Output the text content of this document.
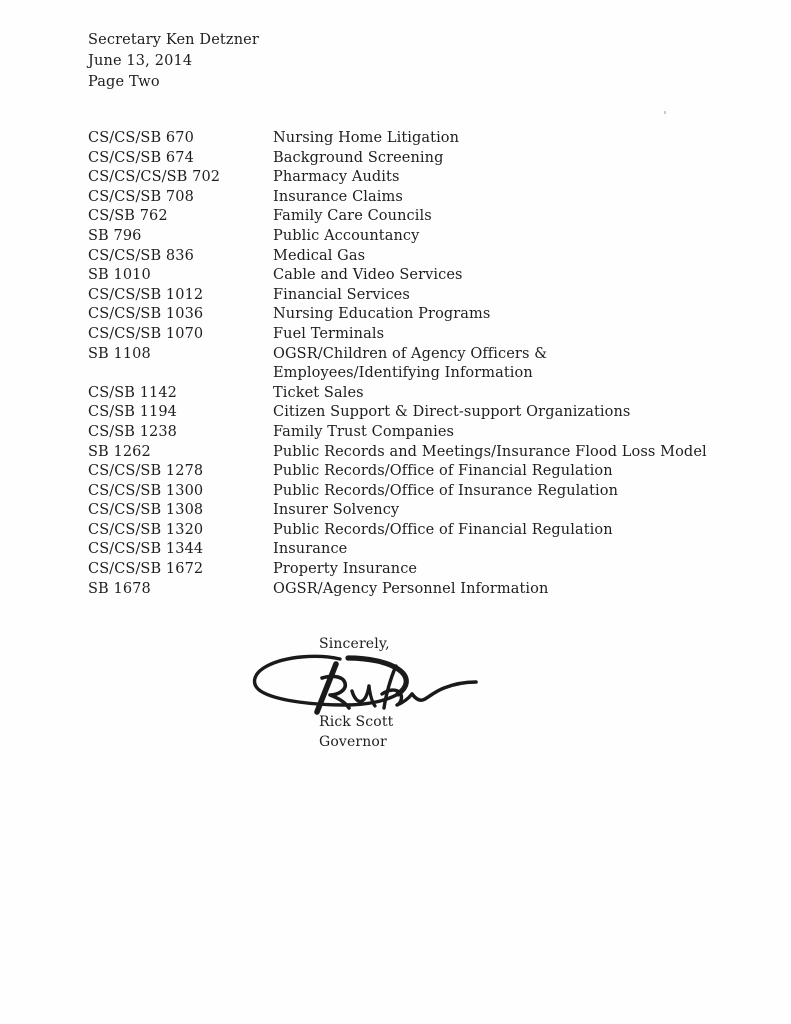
Secretary Ken Detzner
June 13, 2014
Page Two
CS/CS/SB 670	Nursing Home Litigation
CS/CS/SB 674	Background Screening
CS/CS/CS/SB 702	Pharmacy Audits
CS/CS/SB 708	Insurance Claims
CS/SB 762	Family Care Councils
SB 796	Public Accountancy
CS/CS/SB 836	Medical Gas
SB 1010	Cable and Video Services
CS/CS/SB 1012	Financial Services
CS/CS/SB 1036	Nursing Education Programs
CS/CS/SB 1070	Fuel Terminals
SB 1108	OGSR/Children of Agency Officers &
Employees/Identifying Information
CS/SB 1142	Ticket Sales
CS/SB 1194	Citizen Support & Direct-support Organizations
CS/SB 1238	Family Trust Companies
SB 1262	Public Records and Meetings/Insurance Flood Loss Model
CS/CS/SB 1278	Public Records/Office of Financial Regulation
CS/CS/SB 1300	Public Records/Office of Insurance Regulation
CS/CS/SB 1308	Insurer Solvency
CS/CS/SB 1320	Public Records/Office of Financial Regulation
CS/CS/SB 1344	Insurance
CS/CS/SB 1672	Property Insurance
SB 1678	OGSR/Agency Personnel Information
Sincerely,
Rick Scott
Governor
